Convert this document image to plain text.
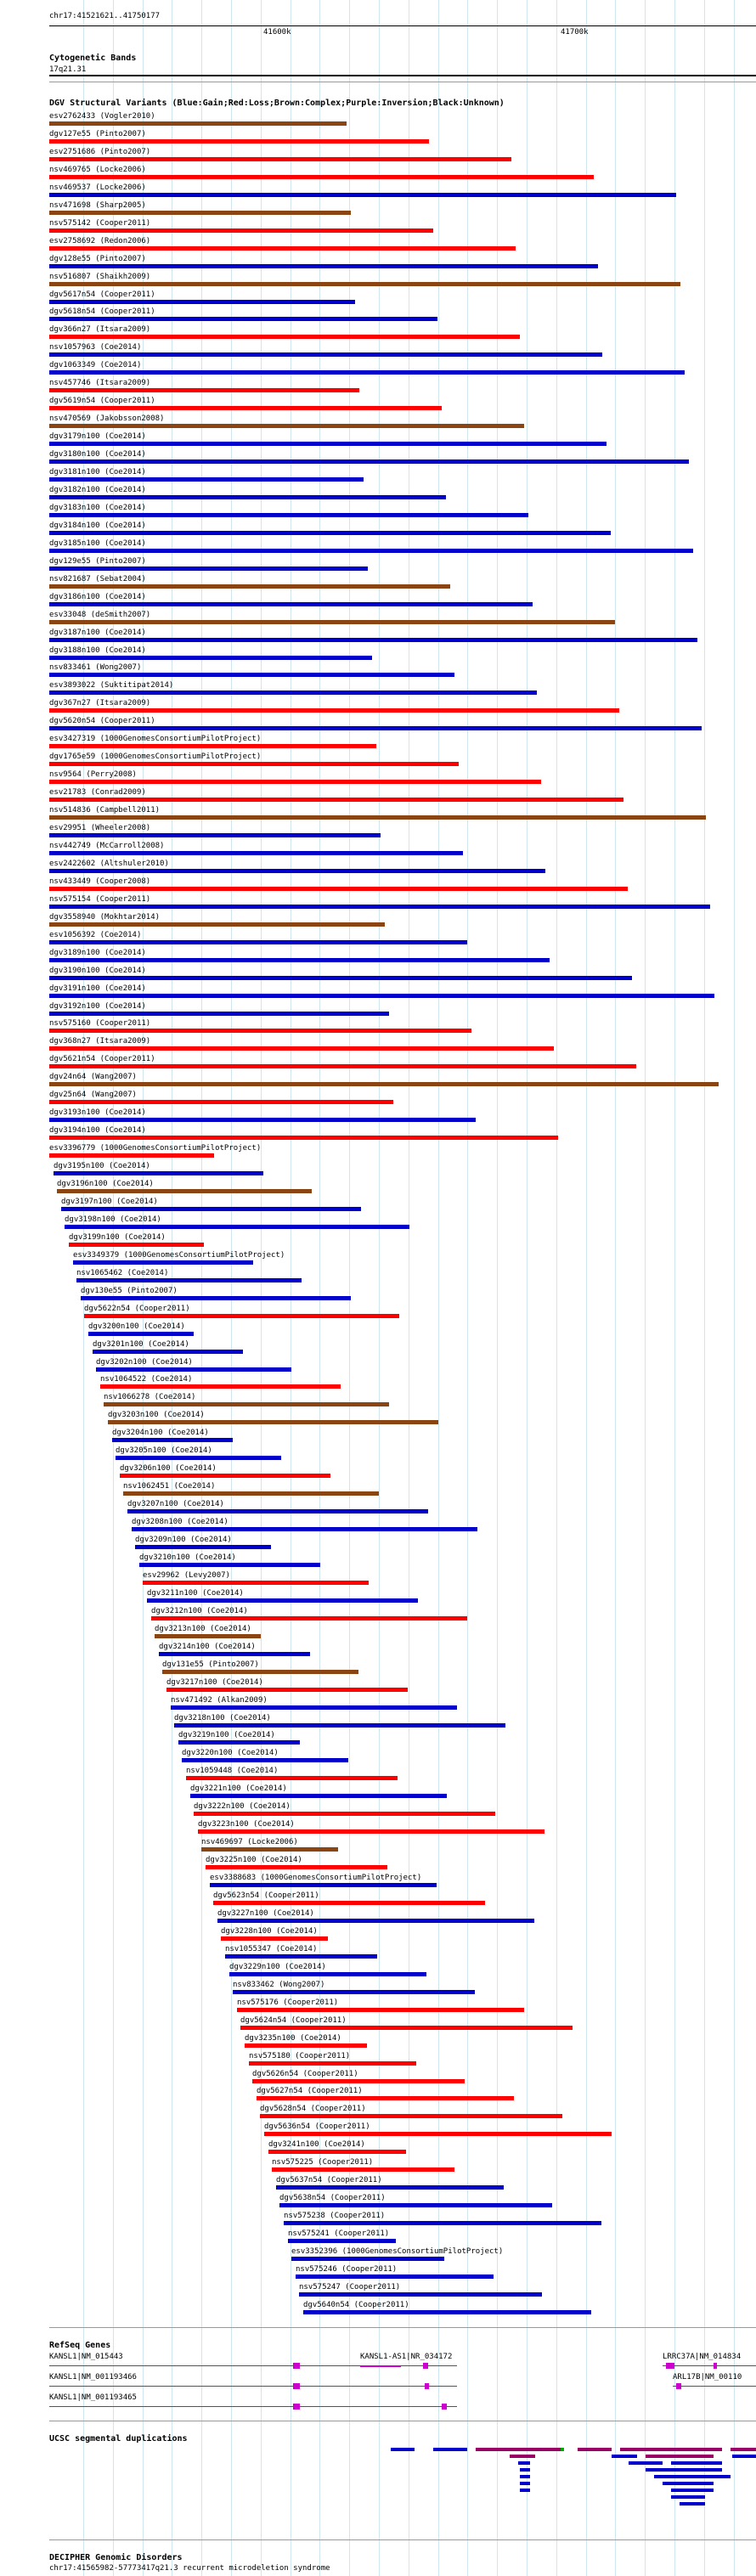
chr17:41521621..41750177
41600k	41700k
Cytogenetic Bands
17q21.31
DGV Structural Variants (Blue:Gain;Red:Loss;Brown:Complex;Purple:Inversion;Black:Unknown)
esv2762433 (Vogler2010)
dgv127e55 (Pinto2007)
esv2751686 (Pinto2007)
nsv469765 (Locke2006)
nsv469537 (Locke2006)
nsv471698 (Sharp2005)
nsv575142 (Cooper2011)
esv2758692 (Redon2006)
dgv128e55 (Pinto2007)
nsv516807 (Shaikh2009)
dgv5617n54 (Cooper2011)
dgv5618n54 (Cooper2011)
dgv366n27 (Itsara2009)
nsv1057963 (Coe2014)
dgv1063349 (Coe2014)
nsv457746 (Itsara2009)
dgv5619n54 (Cooper2011)
nsv470569 (Jakobsson2008)
dgv3179n100 (Coe2014)
dgv3180n100 (Coe2014)
dgv3181n100 (Coe2014)
dgv3182n100 (Coe2014)
dgv3183n100 (Coe2014)
dgv3184n100 (Coe2014)
dgv3185n100 (Coe2014)
dgv129e55 (Pinto2007)
nsv821687 (Sebat2004)
dgv3186n100 (Coe2014)
esv33048 (deSmith2007)
dgv3187n100 (Coe2014)
dgv3188n100 (Coe2014)
nsv833461 (Wong2007)
esv3893022 (Suktitipat2014)
dgv367n27 (Itsara2009)
dgv5620n54 (Cooper2011)
esv3427319 (1000GenomesConsortiumPilotProject)
dgv1765e59 (1000GenomesConsortiumPilotProject)
nsv9564 (Perry2008)
esv21783 (Conrad2009)
nsv514836 (Campbell2011)
esv29951 (Wheeler2008)
nsv442749 (McCarroll2008)
esv2422602 (Altshuler2010)
nsv433449 (Cooper2008)
nsv575154 (Cooper2011)
dgv3558940 (Mokhtar2014)
esv1056392 (Coe2014)
dgv3189n100 (Coe2014)
dgv3190n100 (Coe2014)
dgv3191n100 (Coe2014)
dgv3192n100 (Coe2014)
nsv575160 (Cooper2011)
dgv368n27 (Itsara2009)
dgv5621n54 (Cooper2011)
dgv24n64 (Wang2007)
dgv25n64 (Wang2007)
dgv3193n100 (Coe2014)
dgv3194n100 (Coe2014)
esv3396779 (1000GenomesConsortiumPilotProject)
dgv3195n100 (Coe2014)
dgv3196n100 (Coe2014)
dgv3197n100 (Coe2014)
dgv3198n100 (Coe2014)
dgv3199n100 (Coe2014)
esv3349379 (1000GenomesConsortiumPilotProject)
nsv1065462 (Coe2014)
dgv130e55 (Pinto2007)
dgv5622n54 (Cooper2011)
dgv3200n100 (Coe2014)
dgv3201n100 (Coe2014)
dgv3202n100 (Coe2014)
nsv1064522 (Coe2014)
nsv1066278 (Coe2014)
dgv3203n100 (Coe2014)
dgv3204n100 (Coe2014)
dgv3205n100 (Coe2014)
dgv3206n100 (Coe2014)
nsv1062451 (Coe2014)
dgv3207n100 (Coe2014)
dgv3208n100 (Coe2014)
dgv3209n100 (Coe2014)
dgv3210n100 (Coe2014)
esv29962 (Levy2007)
dgv3211n100 (Coe2014)
dgv3212n100 (Coe2014)
dgv3213n100 (Coe2014)
dgv3214n100 (Coe2014)
dgv131e55 (Pinto2007)
dgv3217n100 (Coe2014)
nsv471492 (Alkan2009)
dgv3218n100 (Coe2014)
dgv3219n100 (Coe2014)
dgv3220n100 (Coe2014)
nsv1059448 (Coe2014)
dgv3221n100 (Coe2014)
dgv3222n100 (Coe2014)
dgv3223n100 (Coe2014)
nsv469697 (Locke2006)
dgv3225n100 (Coe2014)
esv3388683 (1000GenomesConsortiumPilotProject)
dgv5623n54 (Cooper2011)
dgv3227n100 (Coe2014)
dgv3228n100 (Coe2014)
nsv1055347 (Coe2014)
dgv3229n100 (Coe2014)
nsv833462 (Wong2007)
nsv575176 (Cooper2011)
dgv5624n54 (Cooper2011)
dgv3235n100 (Coe2014)
nsv575180 (Cooper2011)
dgv5626n54 (Cooper2011)
dgv5627n54 (Cooper2011)
dgv5628n54 (Cooper2011)
dgv5636n54 (Cooper2011)
dgv3241n100 (Coe2014)
nsv575225 (Cooper2011)
dgv5637n54 (Cooper2011)
dgv5638n54 (Cooper2011)
nsv575238 (Cooper2011)
nsv575241 (Cooper2011)
esv3352396 (1000GenomesConsortiumPilotProject)
nsv575246 (Cooper2011)
nsv575247 (Cooper2011)
dgv5640n54 (Cooper2011)
RefSeq Genes
KANSL1|NM_015443	KANSL1-AS1|NR_034172	LRRC37A|NM_014834
KANSL1|NM_001193466	ARL17B|NM_00110
KANSL1|NM_001193465
UCSC segmental duplications
DECIPHER Genomic Disorders
chr17:41565982-57773417q21.3 recurrent microdeletion syndrome
